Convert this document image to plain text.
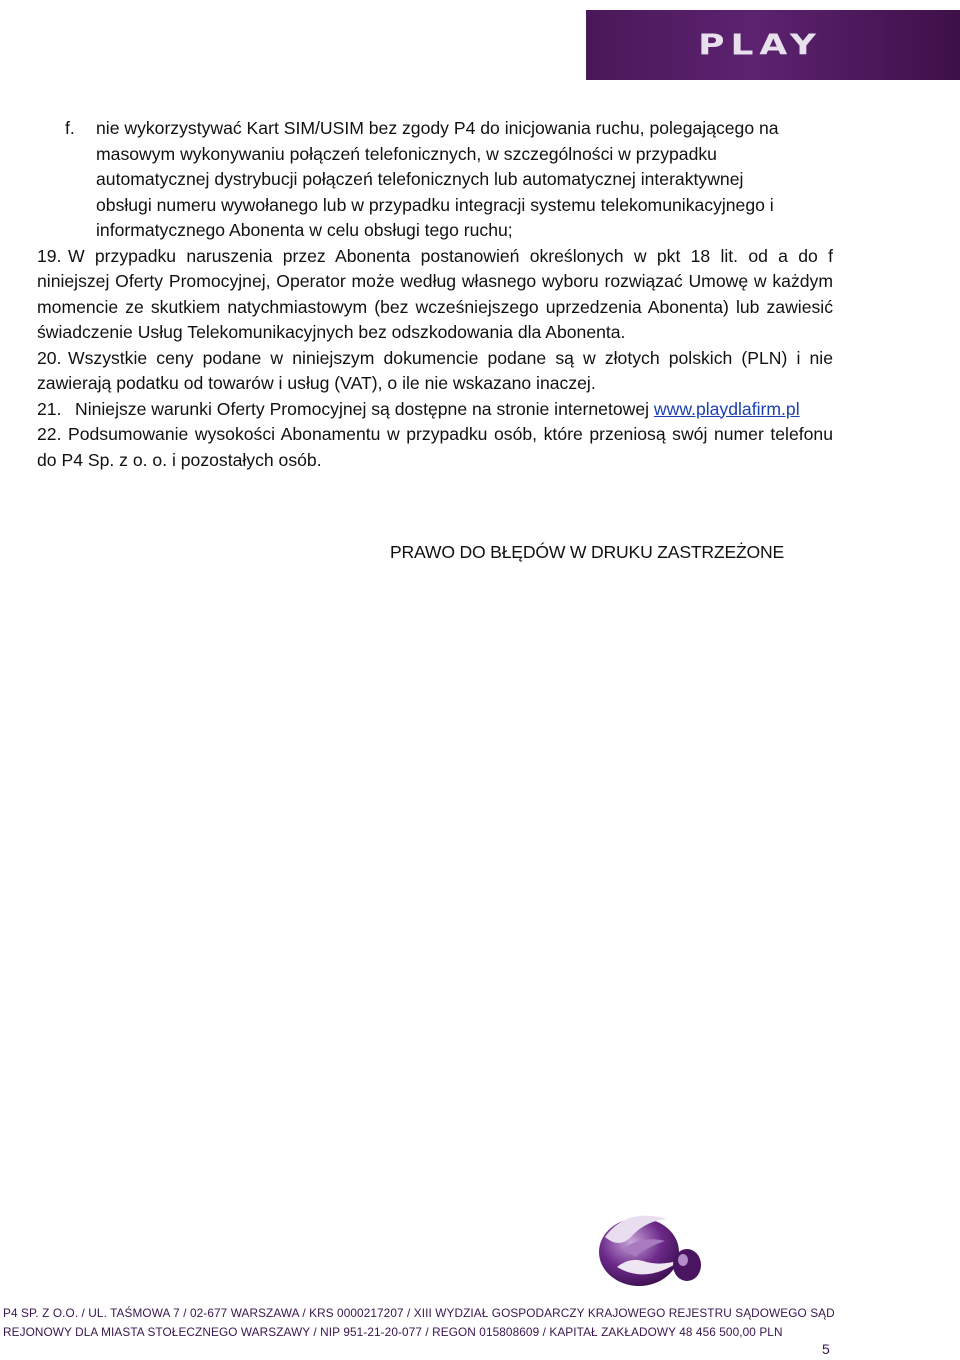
PLAY
f.	nie wykorzystywać Kart SIM/USIM bez zgody P4 do inicjowania ruchu, polegającego na masowym wykonywaniu połączeń telefonicznych, w szczególności w przypadku automatycznej dystrybucji połączeń telefonicznych lub automatycznej interaktywnej obsługi numeru wywołanego lub w przypadku integracji systemu telekomunikacyjnego i informatycznego Abonenta w celu obsługi tego ruchu;
19. W przypadku naruszenia przez Abonenta postanowień określonych w pkt 18 lit. od a do f niniejszej Oferty Promocyjnej, Operator może według własnego wyboru rozwiązać Umowę w każdym momencie ze skutkiem natychmiastowym (bez wcześniejszego uprzedzenia Abonenta) lub zawiesić świadczenie Usług Telekomunikacyjnych bez odszkodowania dla Abonenta.
20. Wszystkie ceny podane w niniejszym dokumencie podane są w złotych polskich (PLN) i nie zawierają podatku od towarów i usług (VAT), o ile nie wskazano inaczej.
21. Niniejsze warunki Oferty Promocyjnej są dostępne na stronie internetowej www.playdlafirm.pl
22. Podsumowanie wysokości Abonamentu w przypadku osób, które przeniosą swój numer telefonu do P4 Sp. z o. o. i pozostałych osób.
PRAWO DO BŁĘDÓW W DRUKU ZASTRZEŻONE
P4 SP. Z O.O. / UL. TAŚMOWA 7 / 02-677 WARSZAWA / KRS 0000217207 / XIII WYDZIAŁ GOSPODARCZY KRAJOWEGO REJESTRU SĄDOWEGO SĄD
REJONOWY DLA MIASTA STOŁECZNEGO WARSZAWY / NIP 951-21-20-077 / REGON 015808609 / KAPITAŁ ZAKŁADOWY 48 456 500,00 PLN
5
